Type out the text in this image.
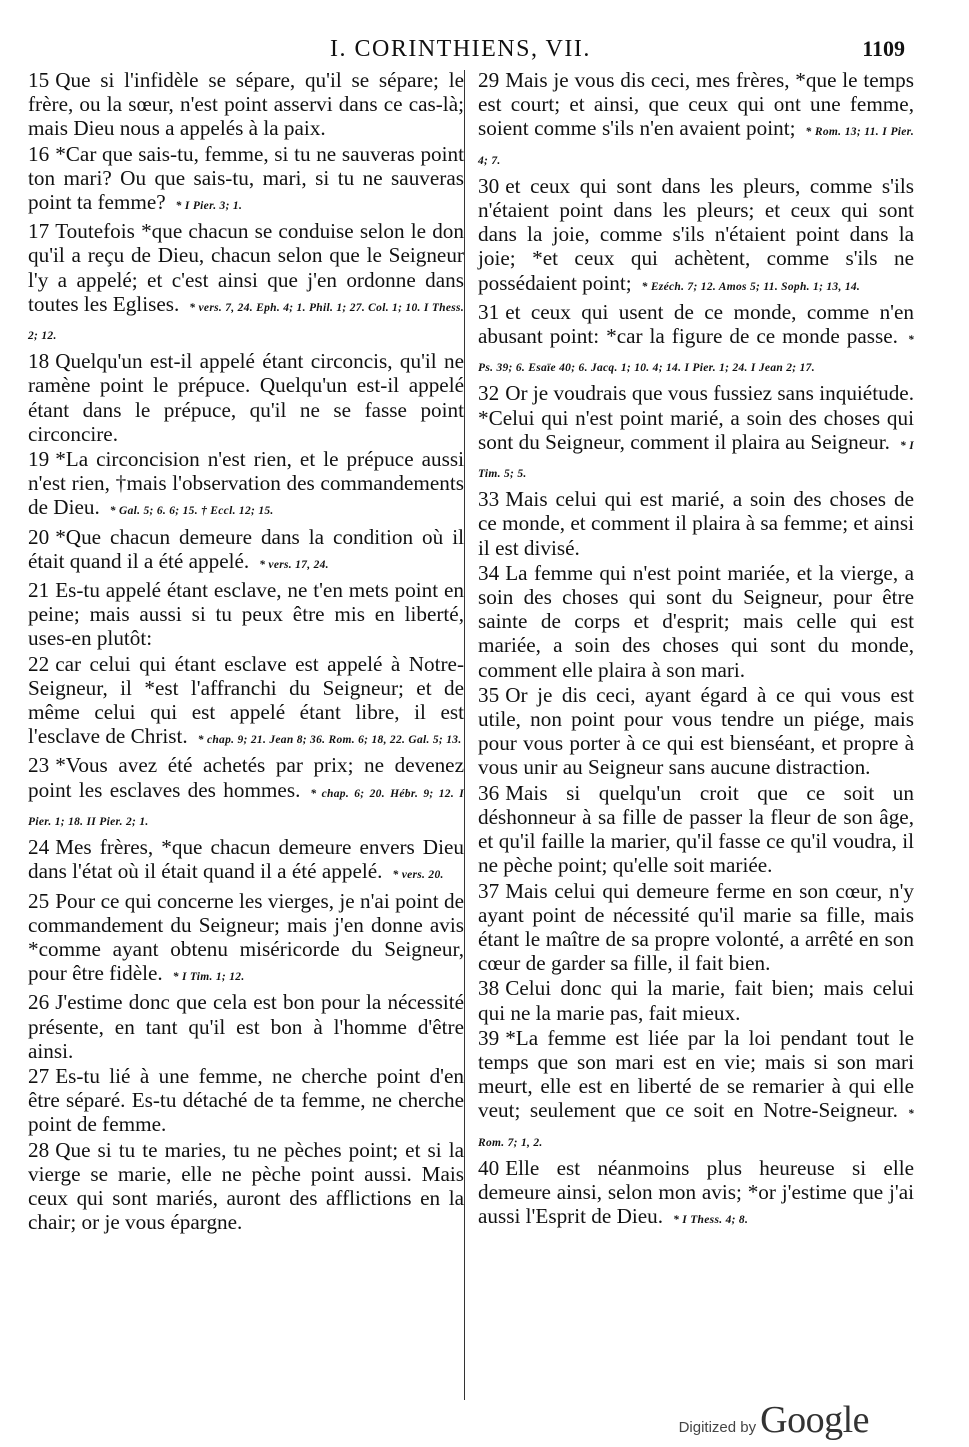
I. CORINTHIENS, VII.	1109

15 Que si l'infidèle se sépare, qu'il se sépare; le frère, ou la sœur, n'est point asservi dans ce cas-là; mais Dieu nous a appelés à la paix.

16 *Car que sais-tu, femme, si tu ne sauveras point ton mari? Ou que sais-tu, mari, si tu ne sauveras point ta femme? * I Pier. 3; 1.

17 Toutefois *que chacun se conduise selon le don qu'il a reçu de Dieu, chacun selon que le Seigneur l'y a appelé; et c'est ainsi que j'en ordonne dans toutes les Eglises. * vers. 7, 24. Eph. 4; 1. Phil. 1; 27. Col. 1; 10. I Thess. 2; 12.

18 Quelqu'un est-il appelé étant circoncis, qu'il ne ramène point le prépuce. Quelqu'un est-il appelé étant dans le prépuce, qu'il ne se fasse point circoncire.

19 *La circoncision n'est rien, et le prépuce aussi n'est rien, †mais l'observation des commandements de Dieu. * Gal. 5; 6. 6; 15. † Eccl. 12; 15.

20 *Que chacun demeure dans la condition où il était quand il a été appelé. * vers. 17, 24.

21 Es-tu appelé étant esclave, ne t'en mets point en peine; mais aussi si tu peux être mis en liberté, uses-en plutôt:

22 car celui qui étant esclave est appelé à Notre-Seigneur, il *est l'affranchi du Seigneur; et de même celui qui est appelé étant libre, il est l'esclave de Christ. * chap. 9; 21. Jean 8; 36. Rom. 6; 18, 22. Gal. 5; 13.

23 *Vous avez été achetés par prix; ne devenez point les esclaves des hommes. * chap. 6; 20. Hébr. 9; 12. I Pier. 1; 18. II Pier. 2; 1.

24 Mes frères, *que chacun demeure envers Dieu dans l'état où il était quand il a été appelé. * vers. 20.

25 Pour ce qui concerne les vierges, je n'ai point de commandement du Seigneur; mais j'en donne avis *comme ayant obtenu miséricorde du Seigneur, pour être fidèle. * I Tim. 1; 12.

26 J'estime donc que cela est bon pour la nécessité présente, en tant qu'il est bon à l'homme d'être ainsi.

27 Es-tu lié à une femme, ne cherche point d'en être séparé. Es-tu détaché de ta femme, ne cherche point de femme.

28 Que si tu te maries, tu ne pèches point; et si la vierge se marie, elle ne pèche point aussi. Mais ceux qui sont mariés, auront des afflictions en la chair; or je vous épargne.

29 Mais je vous dis ceci, mes frères, *que le temps est court; et ainsi, que ceux qui ont une femme, soient comme s'ils n'en avaient point; * Rom. 13; 11. I Pier. 4; 7.

30 et ceux qui sont dans les pleurs, comme s'ils n'étaient point dans les pleurs; et ceux qui sont dans la joie, comme s'ils n'étaient point dans la joie; *et ceux qui achètent, comme s'ils ne possédaient point; * Ezéch. 7; 12. Amos 5; 11. Soph. 1; 13, 14.

31 et ceux qui usent de ce monde, comme n'en abusant point: *car la figure de ce monde passe. * Ps. 39; 6. Esaïe 40; 6. Jacq. 1; 10. 4; 14. I Pier. 1; 24. I Jean 2; 17.

32 Or je voudrais que vous fussiez sans inquiétude. *Celui qui n'est point marié, a soin des choses qui sont du Seigneur, comment il plaira au Seigneur. * I Tim. 5; 5.

33 Mais celui qui est marié, a soin des choses de ce monde, et comment il plaira à sa femme; et ainsi il est divisé.

34 La femme qui n'est point mariée, et la vierge, a soin des choses qui sont du Seigneur, pour être sainte de corps et d'esprit; mais celle qui est mariée, a soin des choses qui sont du monde, comment elle plaira à son mari.

35 Or je dis ceci, ayant égard à ce qui vous est utile, non point pour vous tendre un piége, mais pour vous porter à ce qui est bienséant, et propre à vous unir au Seigneur sans aucune distraction.

36 Mais si quelqu'un croit que ce soit un déshonneur à sa fille de passer la fleur de son âge, et qu'il faille la marier, qu'il fasse ce qu'il voudra, il ne pèche point; qu'elle soit mariée.

37 Mais celui qui demeure ferme en son cœur, n'y ayant point de nécessité qu'il marie sa fille, mais étant le maître de sa propre volonté, a arrêté en son cœur de garder sa fille, il fait bien.

38 Celui donc qui la marie, fait bien; mais celui qui ne la marie pas, fait mieux.

39 *La femme est liée par la loi pendant tout le temps que son mari est en vie; mais si son mari meurt, elle est en liberté de se remarier à qui elle veut; seulement que ce soit en Notre-Seigneur. * Rom. 7; 1, 2.

40 Elle est néanmoins plus heureuse si elle demeure ainsi, selon mon avis; *or j'estime que j'ai aussi l'Esprit de Dieu. * I Thess. 4; 8.

Digitized by Google
